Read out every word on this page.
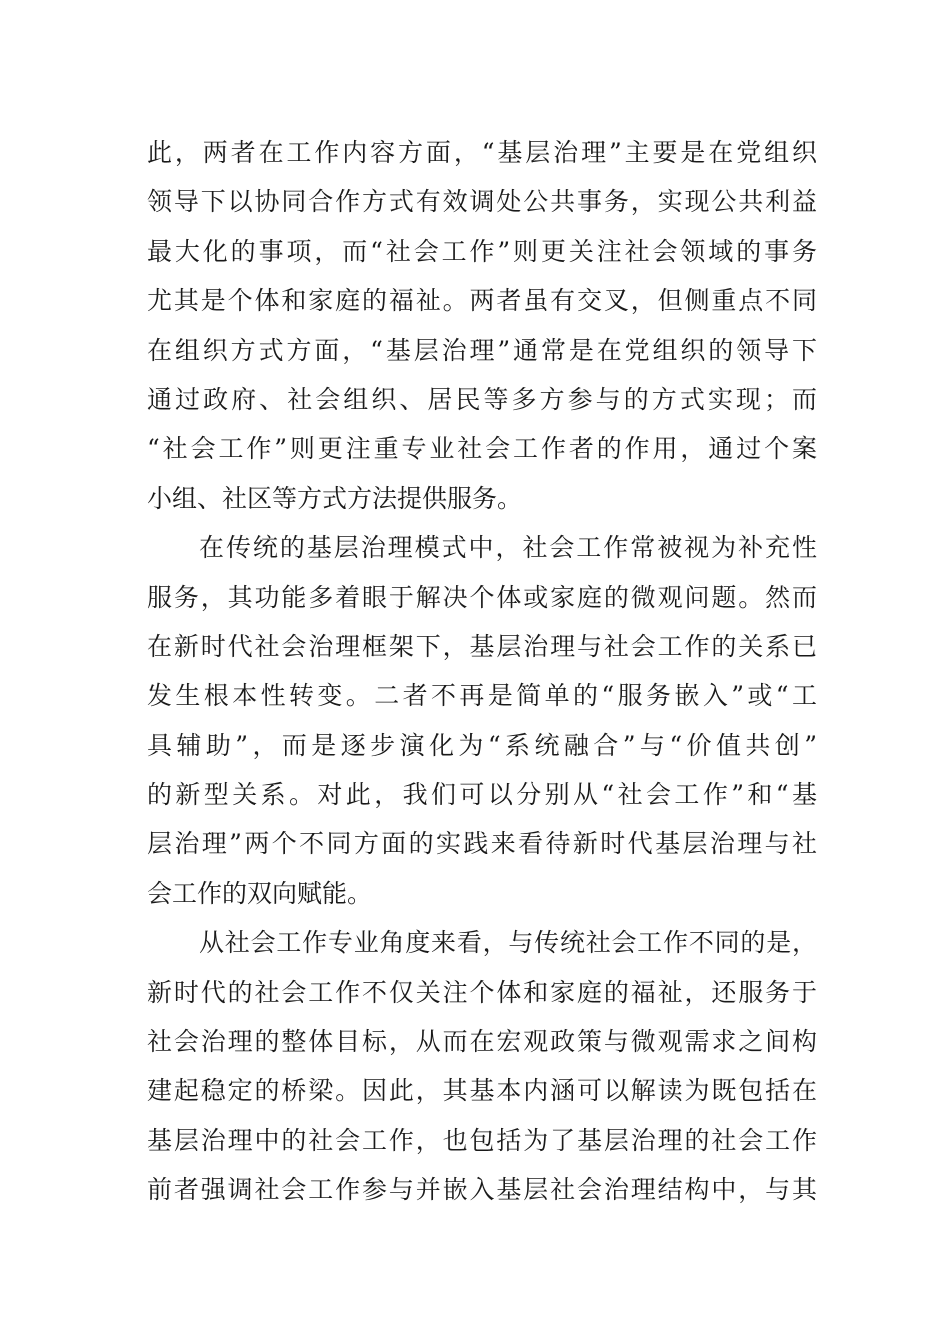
此，两者在工作内容方面，“基层治理”主要是在党组织
领导下以协同合作方式有效调处公共事务，实现公共利益
最大化的事项，而“社会工作”则更关注社会领域的事务
尤其是个体和家庭的福祉。两者虽有交叉，但侧重点不同
在组织方式方面，“基层治理”通常是在党组织的领导下
通过政府、社会组织、居民等多方参与的方式实现；而
“社会工作”则更注重专业社会工作者的作用，通过个案
小组、社区等方式方法提供服务。
在传统的基层治理模式中，社会工作常被视为补充性
服务，其功能多着眼于解决个体或家庭的微观问题。然而
在新时代社会治理框架下，基层治理与社会工作的关系已
发生根本性转变。二者不再是简单的“服务嵌入”或“工
具辅助”，而是逐步演化为“系统融合”与“价值共创”
的新型关系。对此，我们可以分别从“社会工作”和“基
层治理”两个不同方面的实践来看待新时代基层治理与社
会工作的双向赋能。
从社会工作专业角度来看，与传统社会工作不同的是，
新时代的社会工作不仅关注个体和家庭的福祉，还服务于
社会治理的整体目标，从而在宏观政策与微观需求之间构
建起稳定的桥梁。因此，其基本内涵可以解读为既包括在
基层治理中的社会工作，也包括为了基层治理的社会工作
前者强调社会工作参与并嵌入基层社会治理结构中，与其
